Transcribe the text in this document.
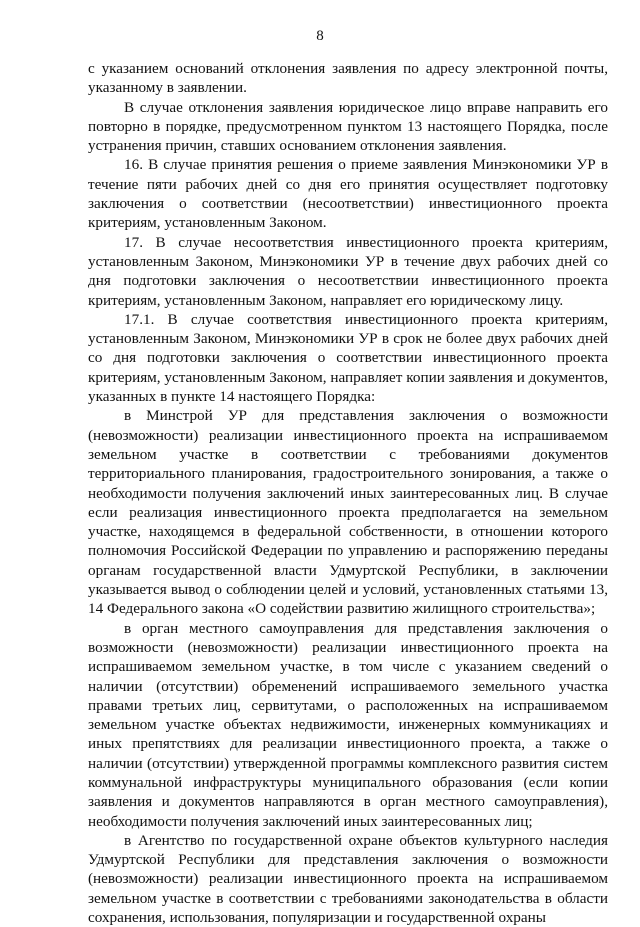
8

с указанием оснований отклонения заявления по адресу электронной почты, указанному в заявлении.

В случае отклонения заявления юридическое лицо вправе направить его повторно в порядке, предусмотренном пунктом 13 настоящего Порядка, после устранения причин, ставших основанием отклонения заявления.

16. В случае принятия решения о приеме заявления Минэкономики УР в течение пяти рабочих дней со дня его принятия осуществляет подготовку заключения о соответствии (несоответствии) инвестиционного проекта критериям, установленным Законом.

17. В случае несоответствия инвестиционного проекта критериям, установленным Законом, Минэкономики УР в течение двух рабочих дней со дня подготовки заключения о несоответствии инвестиционного проекта критериям, установленным Законом, направляет его юридическому лицу.

17.1. В случае соответствия инвестиционного проекта критериям, установленным Законом, Минэкономики УР в срок не более двух рабочих дней со дня подготовки заключения о соответствии инвестиционного проекта критериям, установленным Законом, направляет копии заявления и документов, указанных в пункте 14 настоящего Порядка:

в Минстрой УР для представления заключения о возможности (невозможности) реализации инвестиционного проекта на испрашиваемом земельном участке в соответствии с требованиями документов территориального планирования, градостроительного зонирования, а также о необходимости получения заключений иных заинтересованных лиц. В случае если реализация инвестиционного проекта предполагается на земельном участке, находящемся в федеральной собственности, в отношении которого полномочия Российской Федерации по управлению и распоряжению переданы органам государственной власти Удмуртской Республики, в заключении указывается вывод о соблюдении целей и условий, установленных статьями 13, 14 Федерального закона «О содействии развитию жилищного строительства»;

в орган местного самоуправления для представления заключения о возможности (невозможности) реализации инвестиционного проекта на испрашиваемом земельном участке, в том числе с указанием сведений о наличии (отсутствии) обременений испрашиваемого земельного участка правами третьих лиц, сервитутами, о расположенных на испрашиваемом земельном участке объектах недвижимости, инженерных коммуникациях и иных препятствиях для реализации инвестиционного проекта, а также о наличии (отсутствии) утвержденной программы комплексного развития систем коммунальной инфраструктуры муниципального образования (если копии заявления и документов направляются в орган местного самоуправления), необходимости получения заключений иных заинтересованных лиц;

в Агентство по государственной охране объектов культурного наследия Удмуртской Республики для представления заключения о возможности (невозможности) реализации инвестиционного проекта на испрашиваемом земельном участке в соответствии с требованиями законодательства в области сохранения, использования, популяризации и государственной охраны
